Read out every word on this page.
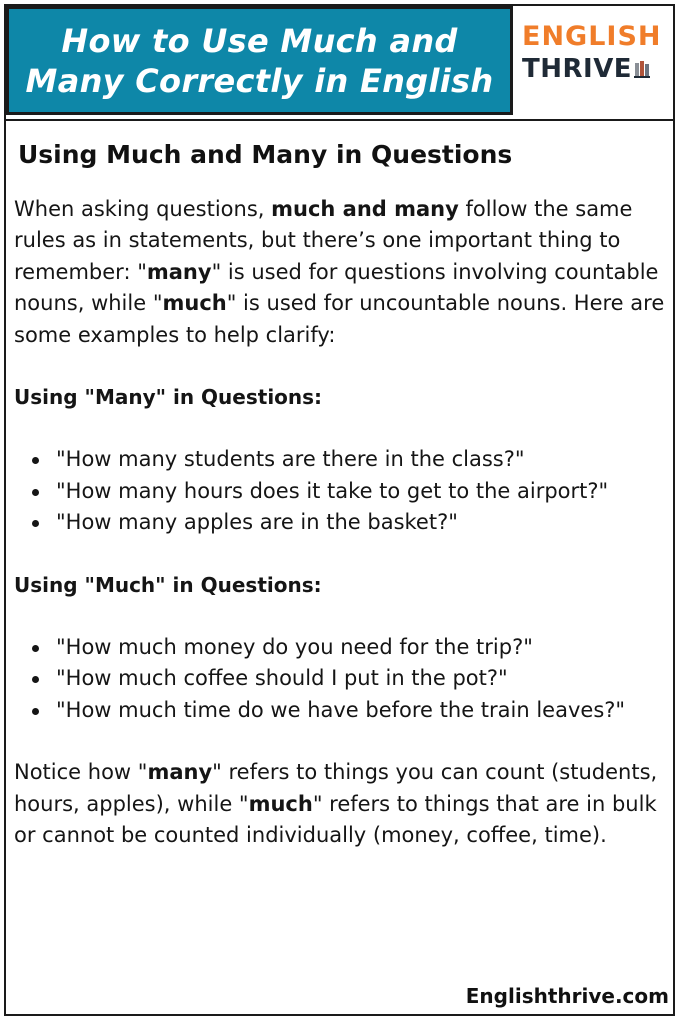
How to Use Much and
Many Correctly in English
ENGLISH
THRIVE
Using Much and Many in Questions

When asking questions, much and many follow the same rules as in statements, but there’s one important thing to remember: "many" is used for questions involving countable nouns, while "much" is used for uncountable nouns. Here are some examples to help clarify:

Using "Many" in Questions:

"How many students are there in the class?"
"How many hours does it take to get to the airport?"
"How many apples are in the basket?"

Using "Much" in Questions:

"How much money do you need for the trip?"
"How much coffee should I put in the pot?"
"How much time do we have before the train leaves?"

Notice how "many" refers to things you can count (students, hours, apples), while "much" refers to things that are in bulk or cannot be counted individually (money, coffee, time).

Englishthrive.com
